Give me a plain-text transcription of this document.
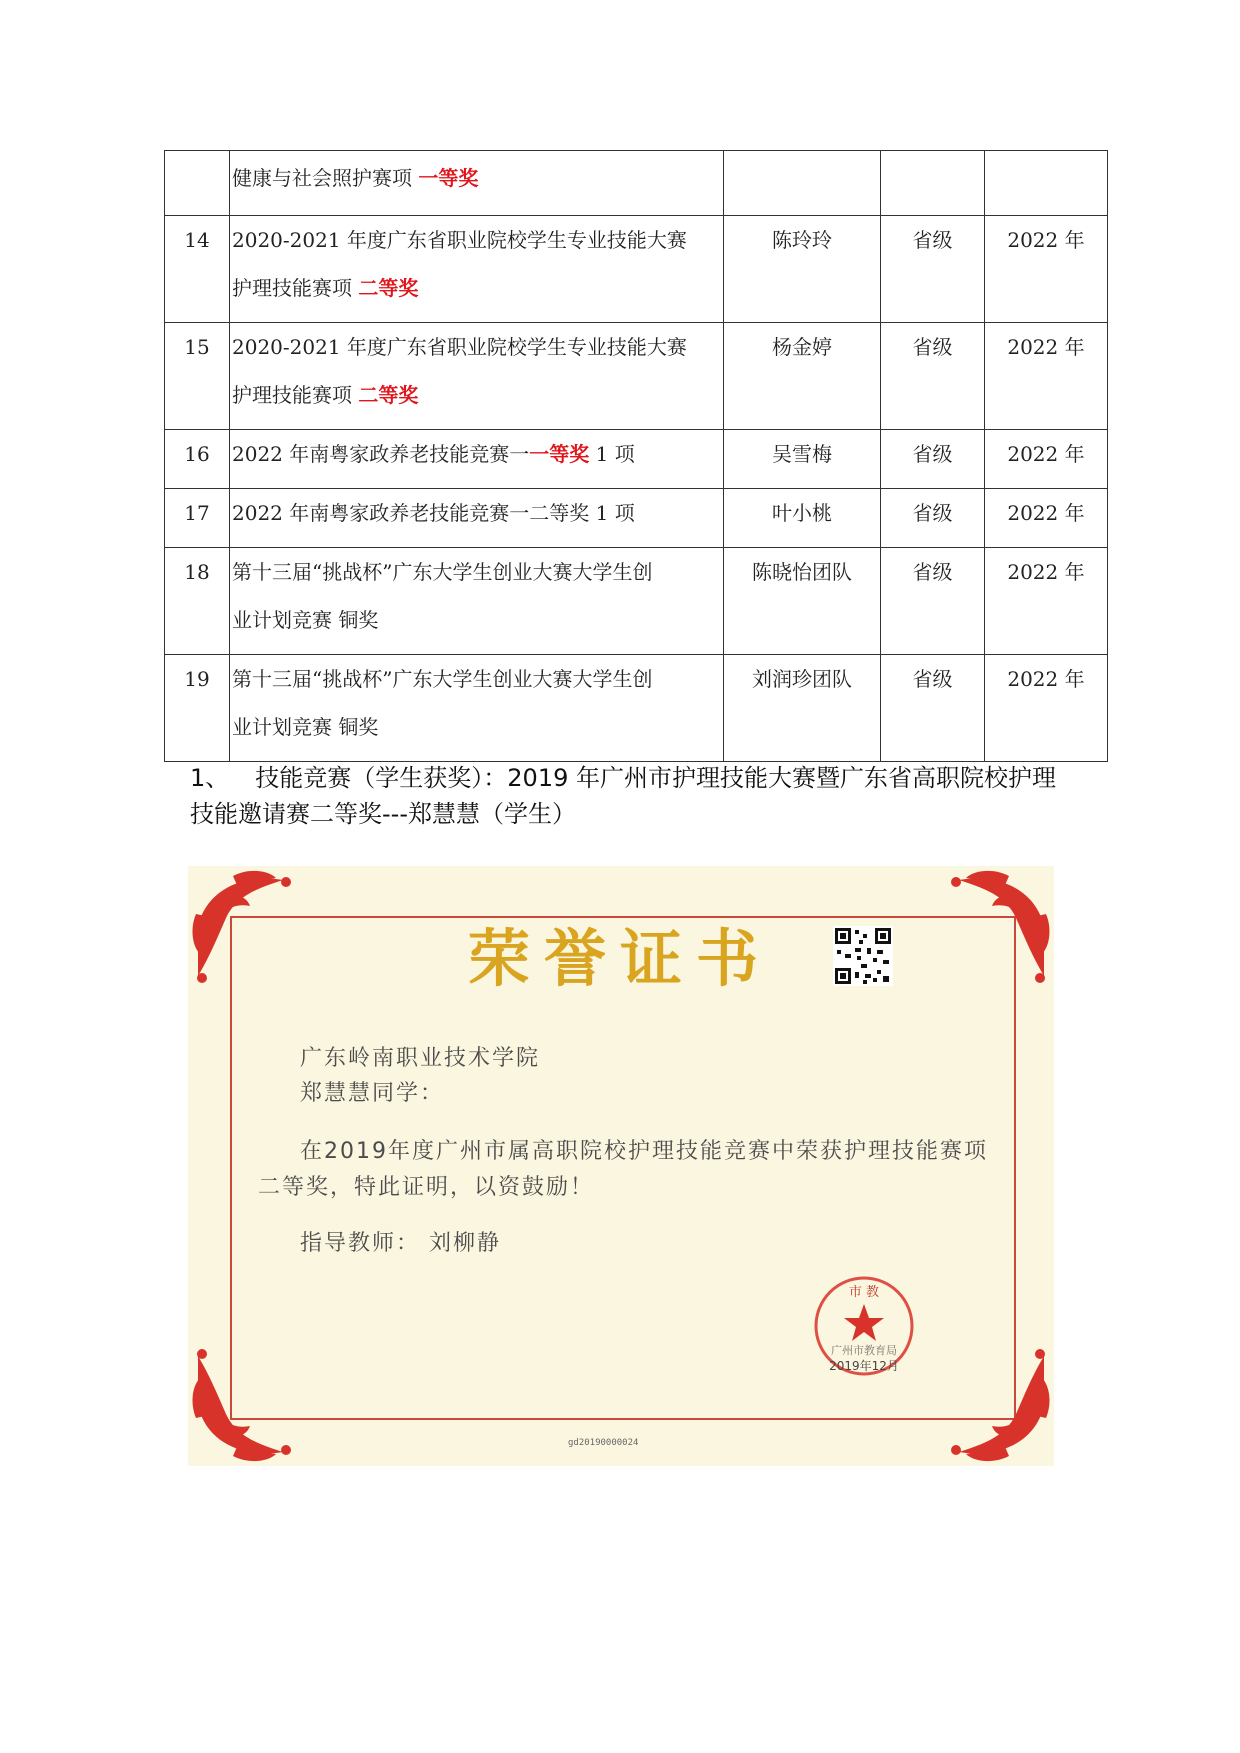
	健康与社会照护赛项 一等奖			

14	2020-2021 年度广东省职业院校学生专业技能大赛
护理技能赛项 二等奖	陈玲玲	省级	2022 年
15	2020-2021 年度广东省职业院校学生专业技能大赛
护理技能赛项 二等奖	杨金婷	省级	2022 年
16	2022 年南粤家政养老技能竞赛一一等奖 1 项	吴雪梅	省级	2022 年
17	2022 年南粤家政养老技能竞赛一二等奖 1 项	叶小桃	省级	2022 年
18	第十三届“挑战杯”广东大学生创业大赛大学生创
业计划竞赛 铜奖	陈晓怡团队	省级	2022 年
19	第十三届“挑战杯”广东大学生创业大赛大学生创
业计划竞赛 铜奖	刘润珍团队	省级	2022 年
1、 技能竞赛（学生获奖）：2019 年广州市护理技能大赛暨广东省高职院校护理
技能邀请赛二等奖---郑慧慧（学生）
荣誉证书
广东岭南职业技术学院
郑慧慧同学：
在2019年度广州市属高职院校护理技能竞赛中荣获护理技能赛项
二等奖，特此证明，以资鼓励！
指导教师： 刘柳静
市 教
广州市教育局
2019年12月
gd20190000024
